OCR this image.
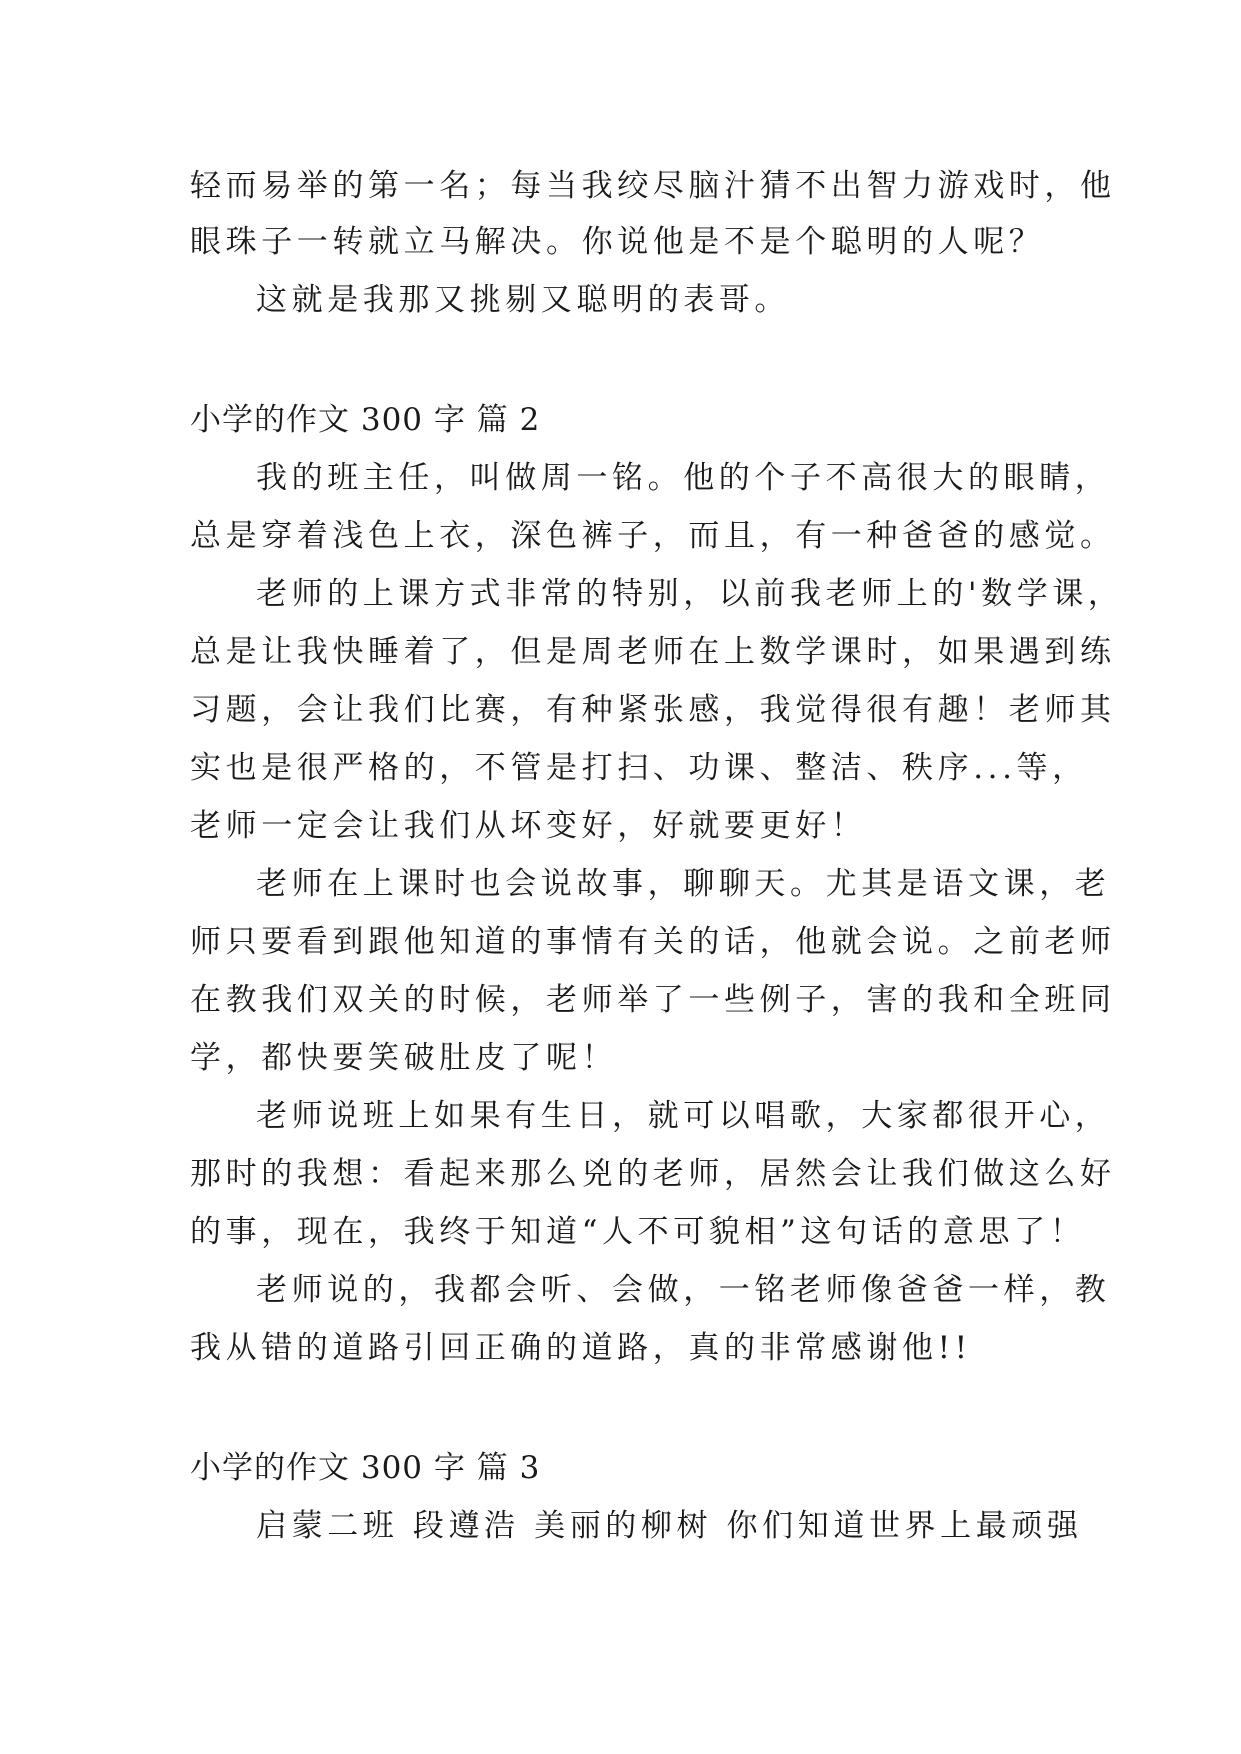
轻而易举的第一名；每当我绞尽脑汁猜不出智力游戏时，他
眼珠子一转就立马解决。你说他是不是个聪明的人呢？
这就是我那又挑剔又聪明的表哥。
小学的作文 300 字 篇 2
我的班主任，叫做周一铭。他的个子不高很大的眼睛，
总是穿着浅色上衣，深色裤子，而且，有一种爸爸的感觉。
老师的上课方式非常的特别，以前我老师上的'数学课，
总是让我快睡着了，但是周老师在上数学课时，如果遇到练
习题，会让我们比赛，有种紧张感，我觉得很有趣！老师其
实也是很严格的，不管是打扫、功课、整洁、秩序...等，
老师一定会让我们从坏变好，好就要更好！
老师在上课时也会说故事，聊聊天。尤其是语文课，老
师只要看到跟他知道的事情有关的话，他就会说。之前老师
在教我们双关的时候，老师举了一些例子，害的我和全班同
学，都快要笑破肚皮了呢！
老师说班上如果有生日，就可以唱歌，大家都很开心，
那时的我想：看起来那么兇的老师，居然会让我们做这么好
的事，现在，我终于知道“人不可貌相”这句话的意思了！
老师说的，我都会听、会做，一铭老师像爸爸一样，教
我从错的道路引回正确的道路，真的非常感谢他!!
小学的作文 300 字 篇 3
启蒙二班 段遵浩 美丽的柳树 你们知道世界上最顽强
